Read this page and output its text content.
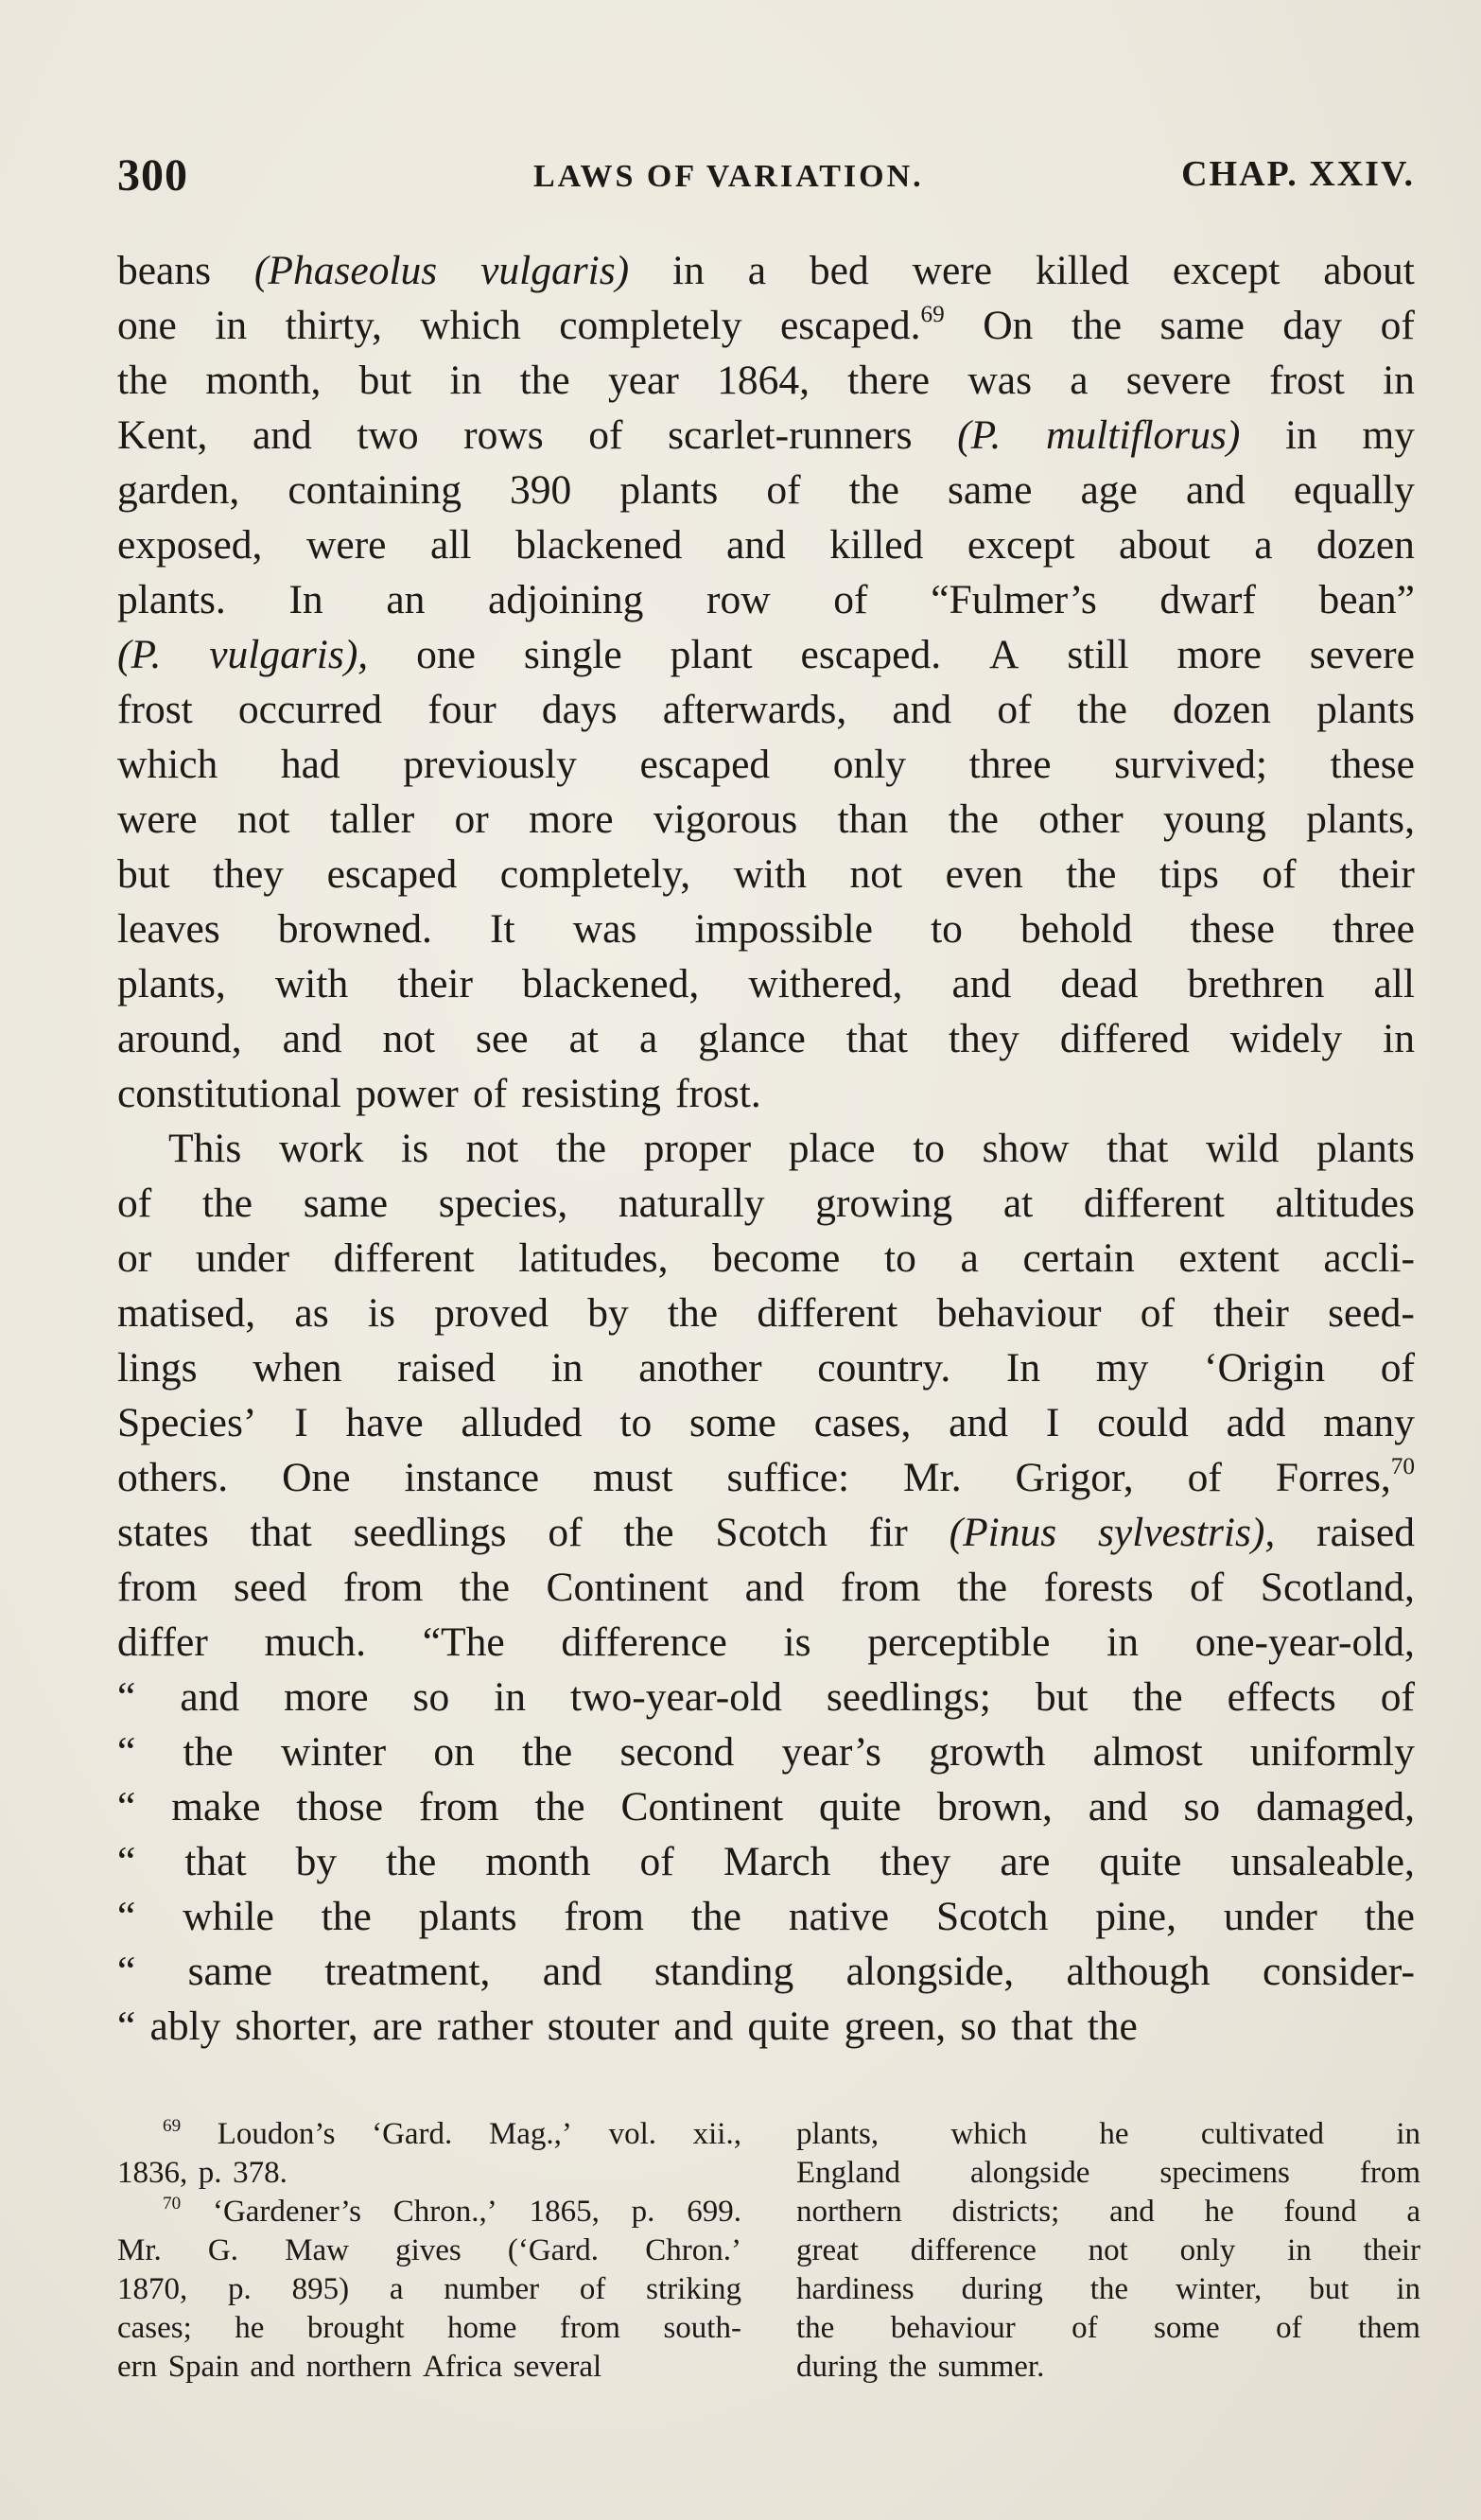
300	LAWS OF VARIATION.	CHAP. XXIV.
beans (Phaseolus vulgaris) in a bed were killed except about
one in thirty, which completely escaped.$^{69}$ On the same day of
the month, but in the year 1864, there was a severe frost in
Kent, and two rows of scarlet-runners (P. multiflorus) in my
garden, containing 390 plants of the same age and equally
exposed, were all blackened and killed except about a dozen
plants. In an adjoining row of “Fulmer’s dwarf bean”
(P. vulgaris), one single plant escaped. A still more severe
frost occurred four days afterwards, and of the dozen plants
which had previously escaped only three survived; these
were not taller or more vigorous than the other young plants,
but they escaped completely, with not even the tips of their
leaves browned. It was impossible to behold these three
plants, with their blackened, withered, and dead brethren all
around, and not see at a glance that they differed widely in
constitutional power of resisting frost.
This work is not the proper place to show that wild plants
of the same species, naturally growing at different altitudes
or under different latitudes, become to a certain extent accli-
matised, as is proved by the different behaviour of their seed-
lings when raised in another country. In my ‘Origin of
Species’ I have alluded to some cases, and I could add many
others. One instance must suffice: Mr. Grigor, of Forres,$^{70}$
states that seedlings of the Scotch fir (Pinus sylvestris), raised
from seed from the Continent and from the forests of Scotland,
differ much. “The difference is perceptible in one-year-old,
“ and more so in two-year-old seedlings; but the effects of
“ the winter on the second year’s growth almost uniformly
“ make those from the Continent quite brown, and so damaged,
“ that by the month of March they are quite unsaleable,
“ while the plants from the native Scotch pine, under the
“ same treatment, and standing alongside, although consider-
“ ably shorter, are rather stouter and quite green, so that the
$^{69}$ Loudon’s ‘Gard. Mag.,’ vol. xii.,
1836, p. 378.
$^{70}$ ‘Gardener’s Chron.,’ 1865, p. 699.
Mr. G. Maw gives (‘Gard. Chron.’
1870, p. 895) a number of striking
cases; he brought home from south-
ern Spain and northern Africa several
plants, which he cultivated in
England alongside specimens from
northern districts; and he found a
great difference not only in their
hardiness during the winter, but in
the behaviour of some of them
during the summer.
